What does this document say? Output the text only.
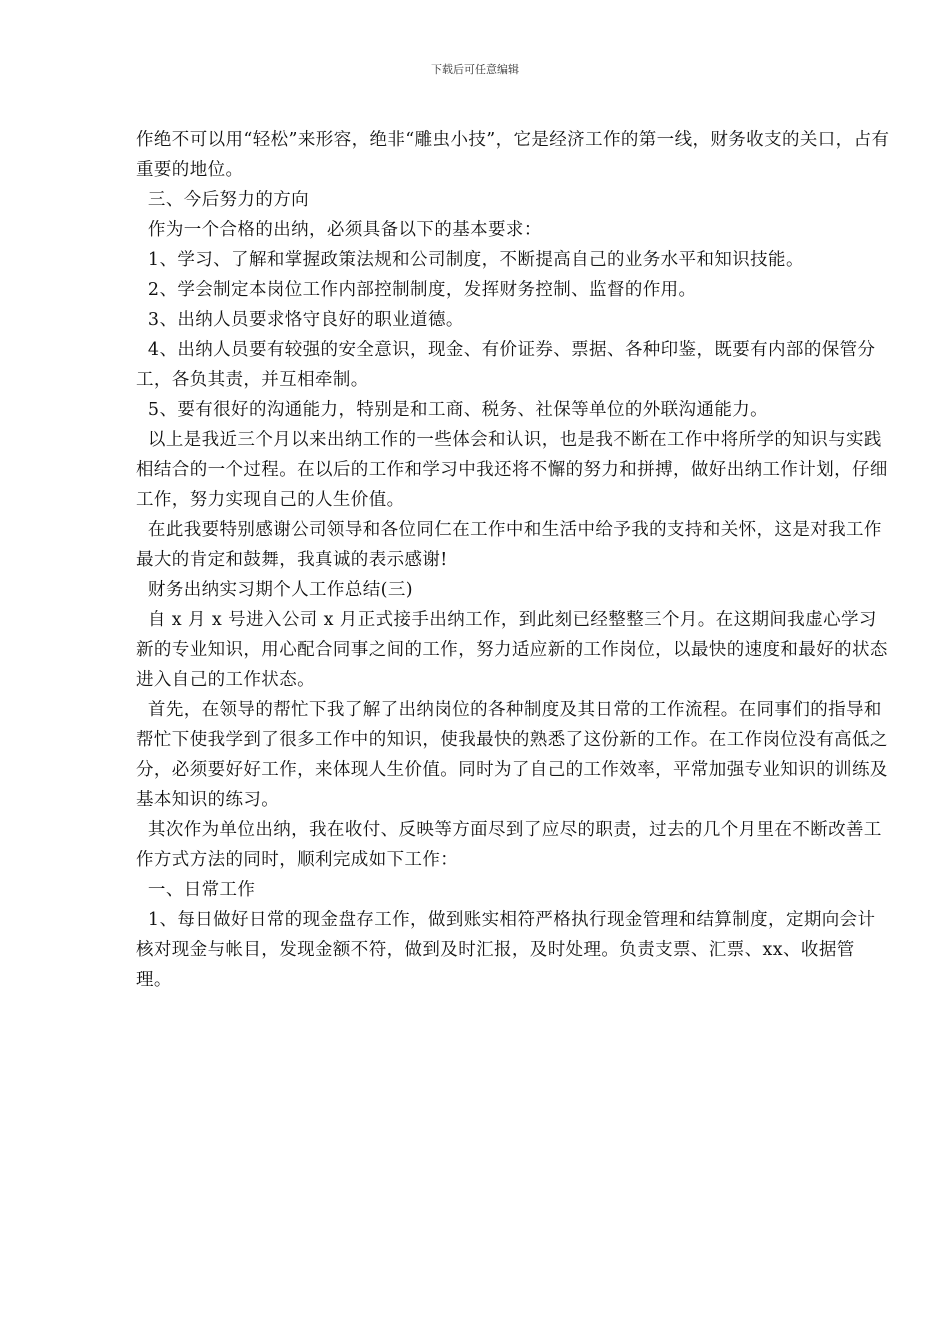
下载后可任意编辑

作绝不可以用“轻松”来形容，绝非“雕虫小技”，它是经济工作的第一线，财务收支的关口，占有重要的地位。

三、今后努力的方向

作为一个合格的出纳，必须具备以下的基本要求：

1、学习、了解和掌握政策法规和公司制度，不断提高自己的业务水平和知识技能。

2、学会制定本岗位工作内部控制制度，发挥财务控制、监督的作用。

3、出纳人员要求恪守良好的职业道德。

4、出纳人员要有较强的安全意识，现金、有价证券、票据、各种印鉴，既要有内部的保管分工，各负其责，并互相牵制。

5、要有很好的沟通能力，特别是和工商、税务、社保等单位的外联沟通能力。

以上是我近三个月以来出纳工作的一些体会和认识，也是我不断在工作中将所学的知识与实践相结合的一个过程。在以后的工作和学习中我还将不懈的努力和拼搏，做好出纳工作计划，仔细工作，努力实现自己的人生价值。

在此我要特别感谢公司领导和各位同仁在工作中和生活中给予我的支持和关怀，这是对我工作最大的肯定和鼓舞，我真诚的表示感谢!

财务出纳实习期个人工作总结(三)

自 x 月 x 号进入公司 x 月正式接手出纳工作，到此刻已经整整三个月。在这期间我虚心学习新的专业知识，用心配合同事之间的工作，努力适应新的工作岗位，以最快的速度和最好的状态进入自己的工作状态。

首先，在领导的帮忙下我了解了出纳岗位的各种制度及其日常的工作流程。在同事们的指导和帮忙下使我学到了很多工作中的知识，使我最快的熟悉了这份新的工作。在工作岗位没有高低之分，必须要好好工作，来体现人生价值。同时为了自己的工作效率，平常加强专业知识的训练及基本知识的练习。

其次作为单位出纳，我在收付、反映等方面尽到了应尽的职责，过去的几个月里在不断改善工作方式方法的同时，顺利完成如下工作：

一、日常工作

1、每日做好日常的现金盘存工作，做到账实相符严格执行现金管理和结算制度，定期向会计核对现金与帐目，发现金额不符，做到及时汇报，及时处理。负责支票、汇票、xx、收据管理。
